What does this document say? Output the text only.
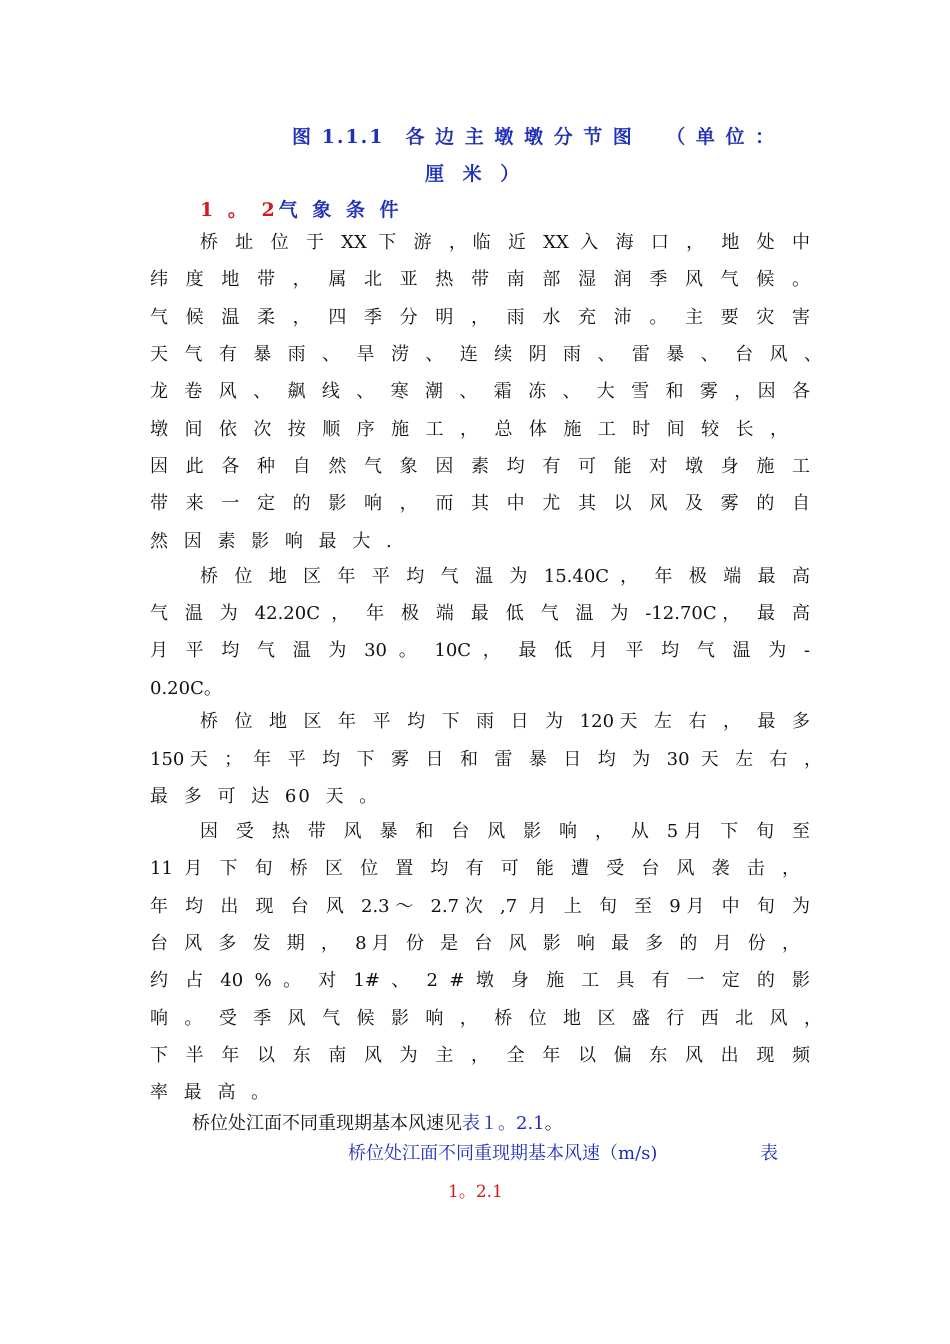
图 1.1.1　各 边 主 墩 墩 分 节 图　　（ 单 位 ：
厘 米 ）
1 。 2气 象 条 件
桥 址 位 于 XX 下 游 ，临 近 XX 入 海 口 ， 地 处 中
纬 度 地 带 ， 属 北 亚 热 带 南 部 湿 润 季 风 气 候 。
气 候 温 柔 ， 四 季 分 明 ， 雨 水 充 沛 。 主 要 灾 害
天 气 有 暴 雨 、 旱 涝 、 连 续 阴 雨 、 雷 暴 、 台 风 、
龙 卷 风 、 飙 线 、 寒 潮 、 霜 冻 、 大 雪 和 雾 ，因 各
墩 间 依 次 按 顺 序 施 工 ， 总 体 施 工 时 间 较 长 ，
因 此 各 种 自 然 气 象 因 素 均 有 可 能 对 墩 身 施 工
带 来 一 定 的 影 响 ， 而 其 中 尤 其 以 风 及 雾 的 自
然 因 素 影 响 最 大 .
桥 位 地 区 年 平 均 气 温 为 15.40C ， 年 极 端 最 高
气 温 为 42.20C ， 年 极 端 最 低 气 温 为 -12.70C， 最 高
月 平 均 气 温 为 30 。 10C ， 最 低 月 平 均 气 温 为 -
0.20C。
桥 位 地 区 年 平 均 下 雨 日 为 120天 左 右 ， 最 多
150天 ； 年 平 均 下 雾 日 和 雷 暴 日 均 为 30 天 左 右 ，
最 多 可 达 60 天 。
因 受 热 带 风 暴 和 台 风 影 响 ， 从 5月 下 旬 至
11 月 下 旬 桥 区 位 置 均 有 可 能 遭 受 台 风 袭 击 ，
年 均 出 现 台 风 2.3～ 2.7次 ,7 月 上 旬 至 9月 中 旬 为
台 风 多 发 期 ， 8月 份 是 台 风 影 响 最 多 的 月 份 ，
约 占 40 % 。 对 1# 、 2 # 墩 身 施 工 具 有 一 定 的 影
响 。 受 季 风 气 候 影 响 ， 桥 位 地 区 盛 行 西 北 风 ，
下 半 年 以 东 南 风 为 主 ， 全 年 以 偏 东 风 出 现 频
率 最 高 。
桥位处江面不同重现期基本风速见表１。2.1。
桥位处江面不同重现期基本风速（m/s)	表
1。2.1
